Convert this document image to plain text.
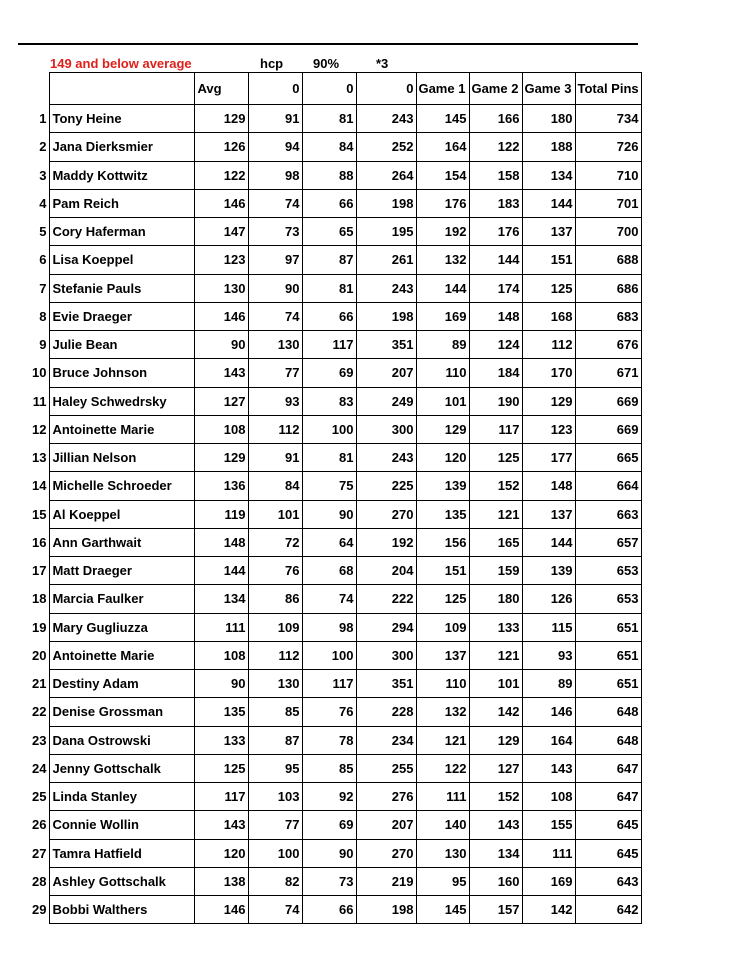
149 and below average	hcp 90%	*3
		Avg	0	0	0	Game 1	Game 2	Game 3	Total Pins
1	Tony Heine	129	91	81	243	145	166	180	734
2	Jana Dierksmier	126	94	84	252	164	122	188	726
3	Maddy Kottwitz	122	98	88	264	154	158	134	710
4	Pam Reich	146	74	66	198	176	183	144	701
5	Cory Haferman	147	73	65	195	192	176	137	700
6	Lisa Koeppel	123	97	87	261	132	144	151	688
7	Stefanie Pauls	130	90	81	243	144	174	125	686
8	Evie Draeger	146	74	66	198	169	148	168	683
9	Julie Bean	90	130	117	351	89	124	112	676
10	Bruce Johnson	143	77	69	207	110	184	170	671
11	Haley Schwedrsky	127	93	83	249	101	190	129	669
12	Antoinette Marie	108	112	100	300	129	117	123	669
13	Jillian Nelson	129	91	81	243	120	125	177	665
14	Michelle Schroeder	136	84	75	225	139	152	148	664
15	Al Koeppel	119	101	90	270	135	121	137	663
16	Ann Garthwait	148	72	64	192	156	165	144	657
17	Matt Draeger	144	76	68	204	151	159	139	653
18	Marcia Faulker	134	86	74	222	125	180	126	653
19	Mary Gugliuzza	111	109	98	294	109	133	115	651
20	Antoinette Marie	108	112	100	300	137	121	93	651
21	Destiny Adam	90	130	117	351	110	101	89	651
22	Denise Grossman	135	85	76	228	132	142	146	648
23	Dana Ostrowski	133	87	78	234	121	129	164	648
24	Jenny Gottschalk	125	95	85	255	122	127	143	647
25	Linda Stanley	117	103	92	276	111	152	108	647
26	Connie Wollin	143	77	69	207	140	143	155	645
27	Tamra Hatfield	120	100	90	270	130	134	111	645
28	Ashley Gottschalk	138	82	73	219	95	160	169	643
29	Bobbi Walthers	146	74	66	198	145	157	142	642
